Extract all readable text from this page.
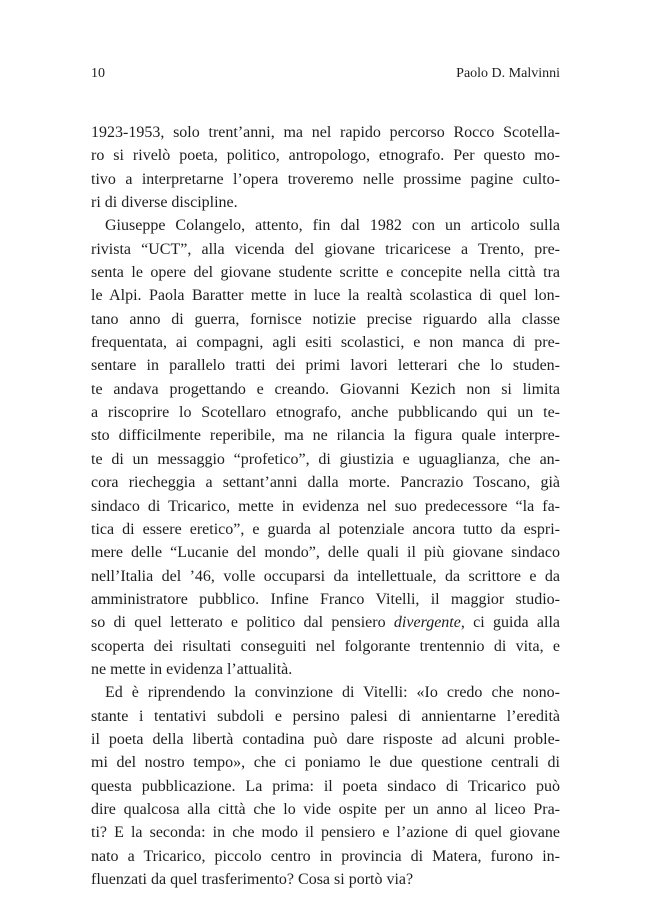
10	Paolo D. Malvinni
1923-1953, solo trent’anni, ma nel rapido percorso Rocco Scotella-
ro si rivelò poeta, politico, antropologo, etnografo. Per questo mo-
tivo a interpretarne l’opera troveremo nelle prossime pagine culto-
ri di diverse discipline.
Giuseppe Colangelo, attento, fin dal 1982 con un articolo sulla
rivista “UCT”, alla vicenda del giovane tricaricese a Trento, pre-
senta le opere del giovane studente scritte e concepite nella città tra
le Alpi. Paola Baratter mette in luce la realtà scolastica di quel lon-
tano anno di guerra, fornisce notizie precise riguardo alla classe
frequentata, ai compagni, agli esiti scolastici, e non manca di pre-
sentare in parallelo tratti dei primi lavori letterari che lo studen-
te andava progettando e creando. Giovanni Kezich non si limita
a riscoprire lo Scotellaro etnografo, anche pubblicando qui un te-
sto difficilmente reperibile, ma ne rilancia la figura quale interpre-
te di un messaggio “profetico”, di giustizia e uguaglianza, che an-
cora riecheggia a settant’anni dalla morte. Pancrazio Toscano, già
sindaco di Tricarico, mette in evidenza nel suo predecessore “la fa-
tica di essere eretico”, e guarda al potenziale ancora tutto da espri-
mere delle “Lucanie del mondo”, delle quali il più giovane sindaco
nell’Italia del ’46, volle occuparsi da intellettuale, da scrittore e da
amministratore pubblico. Infine Franco Vitelli, il maggior studio-
so di quel letterato e politico dal pensiero divergente, ci guida alla
scoperta dei risultati conseguiti nel folgorante trentennio di vita, e
ne mette in evidenza l’attualità.
Ed è riprendendo la convinzione di Vitelli: «Io credo che nono-
stante i tentativi subdoli e persino palesi di annientarne l’eredità
il poeta della libertà contadina può dare risposte ad alcuni proble-
mi del nostro tempo», che ci poniamo le due questione centrali di
questa pubblicazione. La prima: il poeta sindaco di Tricarico può
dire qualcosa alla città che lo vide ospite per un anno al liceo Pra-
ti? E la seconda: in che modo il pensiero e l’azione di quel giovane
nato a Tricarico, piccolo centro in provincia di Matera, furono in-
fluenzati da quel trasferimento? Cosa si portò via?
